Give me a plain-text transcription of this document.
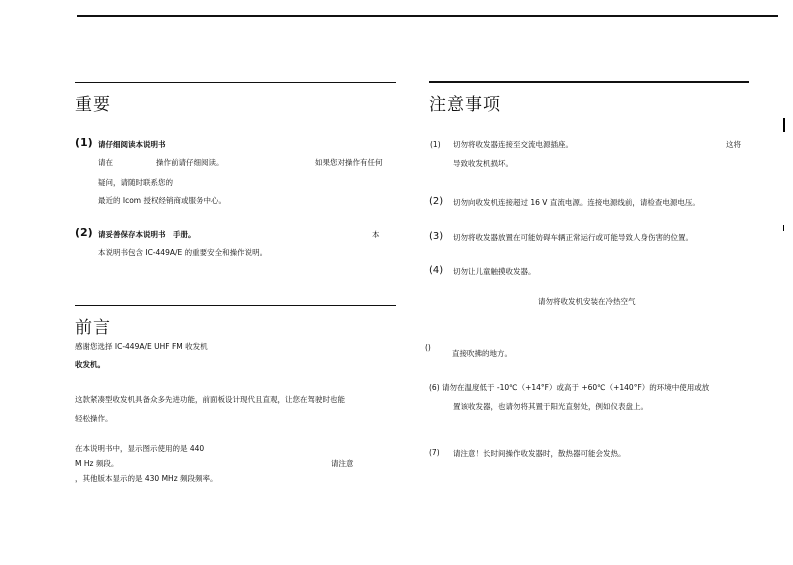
重要
(1) 请仔细阅读本说明书
请在	操作前请仔细阅读。	如果您对操作有任何
疑问，请随时联系您的
最近的 Icom 授权经销商或服务中心。
(2) 请妥善保存本说明书　手册。	本
本说明书包含 IC-449A/E 的重要安全和操作说明。
前言
感谢您选择 IC-449A/E UHF FM 收发机
收发机。
这款紧凑型收发机具备众多先进功能，前面板设计现代且直观，让您在驾驶时也能
轻松操作。
在本说明书中，显示图示使用的是 440
M Hz 频段。	请注意
，其他版本显示的是 430 MHz 频段频率。
注意事项
(1) 切勿将收发器连接至交流电源插座。	这将
导致收发机损坏。
(2) 切勿向收发机连接超过 16 V 直流电源。连接电源线前，请检查电源电压。
(3) 切勿将收发器放置在可能妨碍车辆正常运行或可能导致人身伤害的位置。
(4) 切勿让儿童触摸收发器。
请勿将收发机安装在冷热空气
()
直接吹拂的地方。
(6) 请勿在温度低于 -10℃（+14°F）或高于 +60℃（+140°F）的环境中使用或放
置该收发器，也请勿将其置于阳光直射处，例如仪表盘上。
(7) 请注意！长时间操作收发器时，散热器可能会发热。
